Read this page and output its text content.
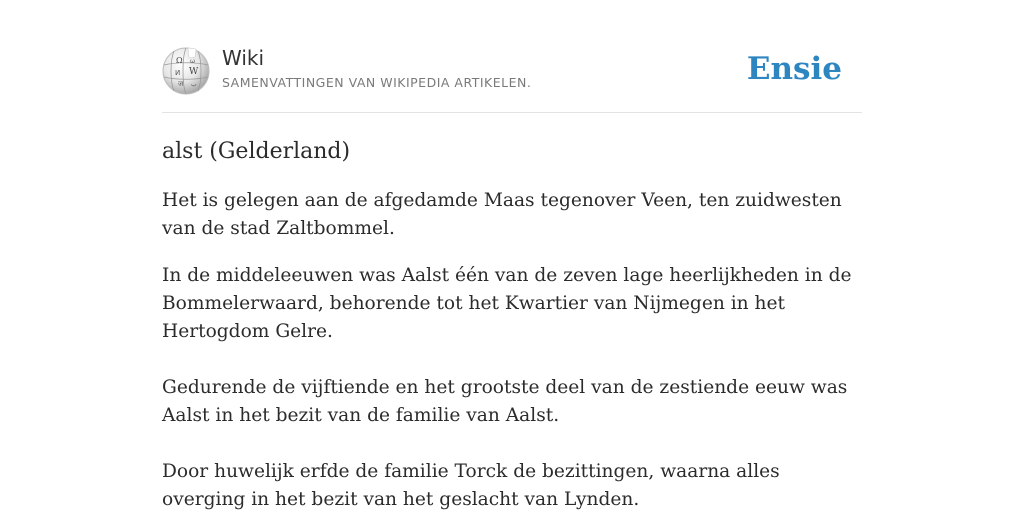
Ω
W
И
ω
ज ب
Wiki
SAMENVATTINGEN VAN WIKIPEDIA ARTIKELEN.	Ensie
alst (Gelderland)

Het is gelegen aan de afgedamde Maas tegenover Veen, ten zuidwesten van de stad Zaltbommel.

In de middeleeuwen was Aalst één van de zeven lage heerlijkheden in de Bommelerwaard, behorende tot het Kwartier van Nijmegen in het Hertogdom Gelre.

Gedurende de vijftiende en het grootste deel van de zestiende eeuw was Aalst in het bezit van de familie van Aalst.

Door huwelijk erfde de familie Torck de bezittingen, waarna alles overging in het bezit van het geslacht van Lynden.
